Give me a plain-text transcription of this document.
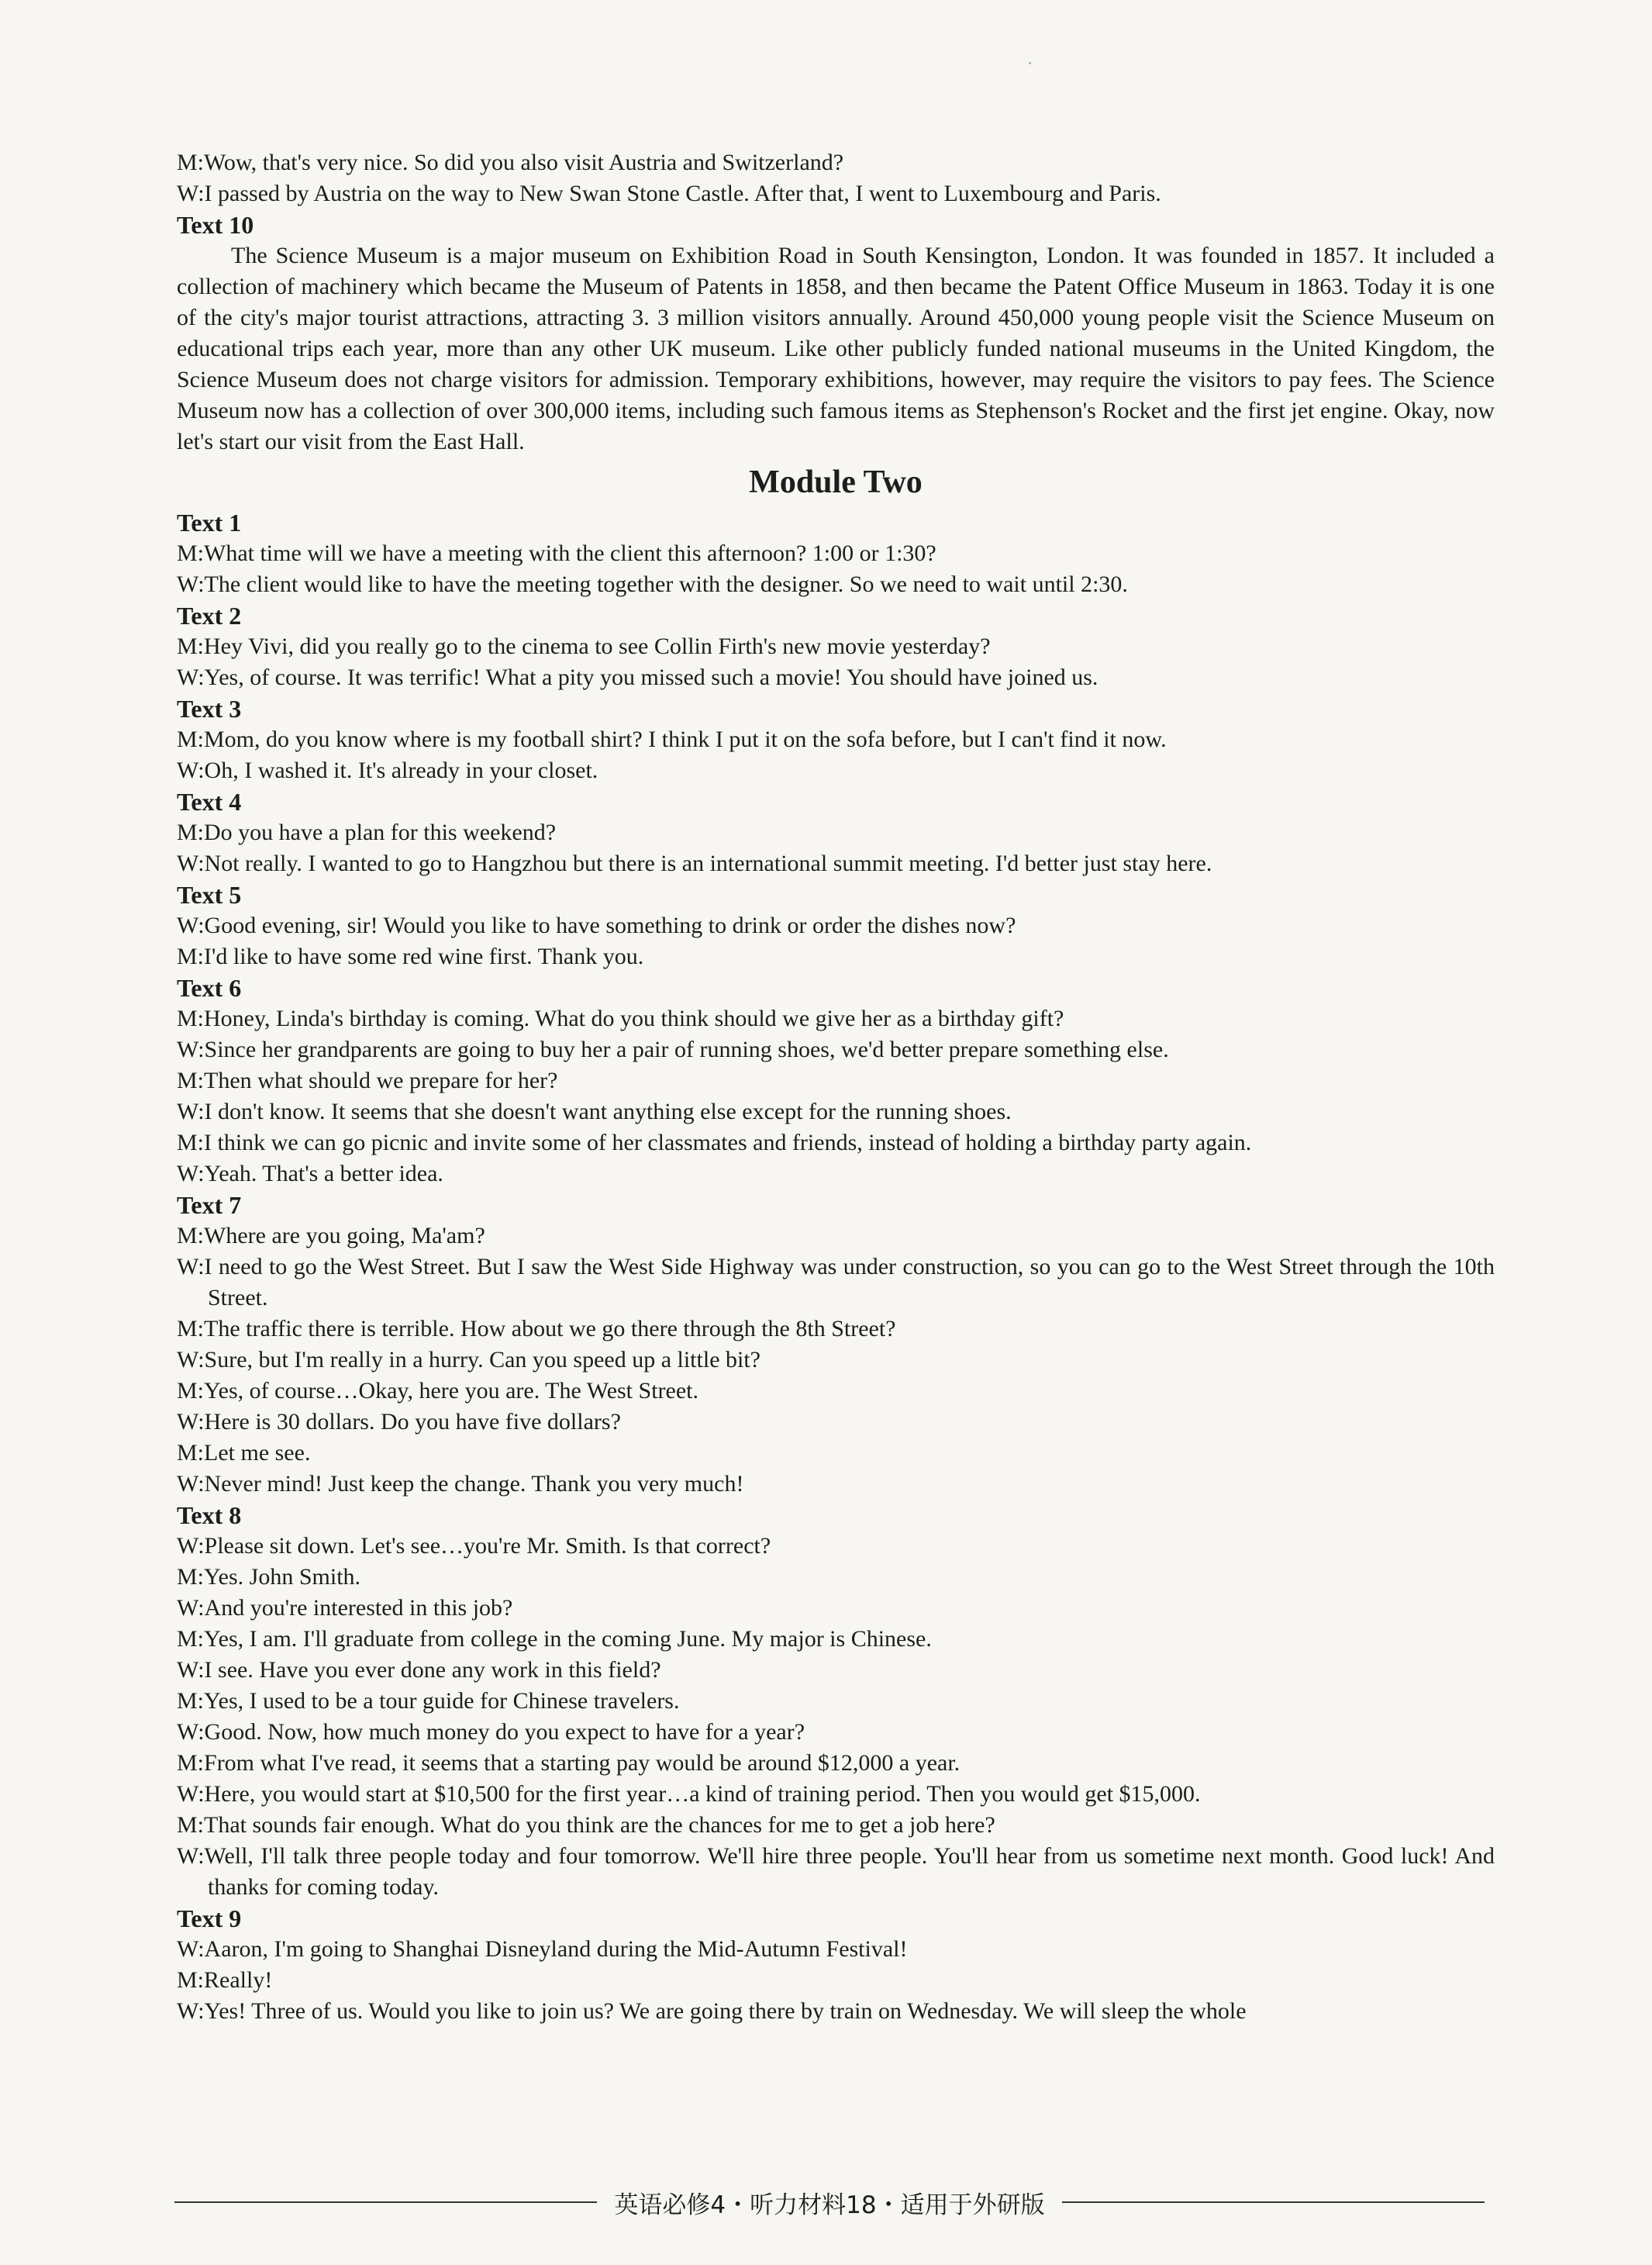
M:Wow, that's very nice. So did you also visit Austria and Switzerland?
W:I passed by Austria on the way to New Swan Stone Castle. After that, I went to Luxembourg and Paris.
Text 10
The Science Museum is a major museum on Exhibition Road in South Kensington, London. It was founded in 1857. It included a collection of machinery which became the Museum of Patents in 1858, and then became the Patent Office Museum in 1863. Today it is one of the city's major tourist attractions, attracting 3. 3 million visitors annually. Around 450,000 young people visit the Science Museum on educational trips each year, more than any other UK museum. Like other publicly funded national museums in the United Kingdom, the Science Museum does not charge visitors for admission. Temporary exhibitions, however, may require the visitors to pay fees. The Science Museum now has a collection of over 300,000 items, including such famous items as Stephenson's Rocket and the first jet engine. Okay, now let's start our visit from the East Hall.
Module Two
Text 1
M:What time will we have a meeting with the client this afternoon? 1:00 or 1:30?
W:The client would like to have the meeting together with the designer. So we need to wait until 2:30.
Text 2
M:Hey Vivi, did you really go to the cinema to see Collin Firth's new movie yesterday?
W:Yes, of course. It was terrific! What a pity you missed such a movie! You should have joined us.
Text 3
M:Mom, do you know where is my football shirt? I think I put it on the sofa before, but I can't find it now.
W:Oh, I washed it. It's already in your closet.
Text 4
M:Do you have a plan for this weekend?
W:Not really. I wanted to go to Hangzhou but there is an international summit meeting. I'd better just stay here.
Text 5
W:Good evening, sir! Would you like to have something to drink or order the dishes now?
M:I'd like to have some red wine first. Thank you.
Text 6
M:Honey, Linda's birthday is coming. What do you think should we give her as a birthday gift?
W:Since her grandparents are going to buy her a pair of running shoes, we'd better prepare something else.
M:Then what should we prepare for her?
W:I don't know. It seems that she doesn't want anything else except for the running shoes.
M:I think we can go picnic and invite some of her classmates and friends, instead of holding a birthday party again.
W:Yeah. That's a better idea.
Text 7
M:Where are you going, Ma'am?
W:I need to go the West Street. But I saw the West Side Highway was under construction, so you can go to the West Street through the 10th Street.
M:The traffic there is terrible. How about we go there through the 8th Street?
W:Sure, but I'm really in a hurry. Can you speed up a little bit?
M:Yes, of course…Okay, here you are. The West Street.
W:Here is 30 dollars. Do you have five dollars?
M:Let me see.
W:Never mind! Just keep the change. Thank you very much!
Text 8
W:Please sit down. Let's see…you're Mr. Smith. Is that correct?
M:Yes. John Smith.
W:And you're interested in this job?
M:Yes, I am. I'll graduate from college in the coming June. My major is Chinese.
W:I see. Have you ever done any work in this field?
M:Yes, I used to be a tour guide for Chinese travelers.
W:Good. Now, how much money do you expect to have for a year?
M:From what I've read, it seems that a starting pay would be around $12,000 a year.
W:Here, you would start at $10,500 for the first year…a kind of training period. Then you would get $15,000.
M:That sounds fair enough. What do you think are the chances for me to get a job here?
W:Well, I'll talk three people today and four tomorrow. We'll hire three people. You'll hear from us sometime next month. Good luck! And thanks for coming today.
Text 9
W:Aaron, I'm going to Shanghai Disneyland during the Mid-Autumn Festival!
M:Really!
W:Yes! Three of us. Would you like to join us? We are going there by train on Wednesday. We will sleep the whole
英语必修4・听力材料18・适用于外研版
